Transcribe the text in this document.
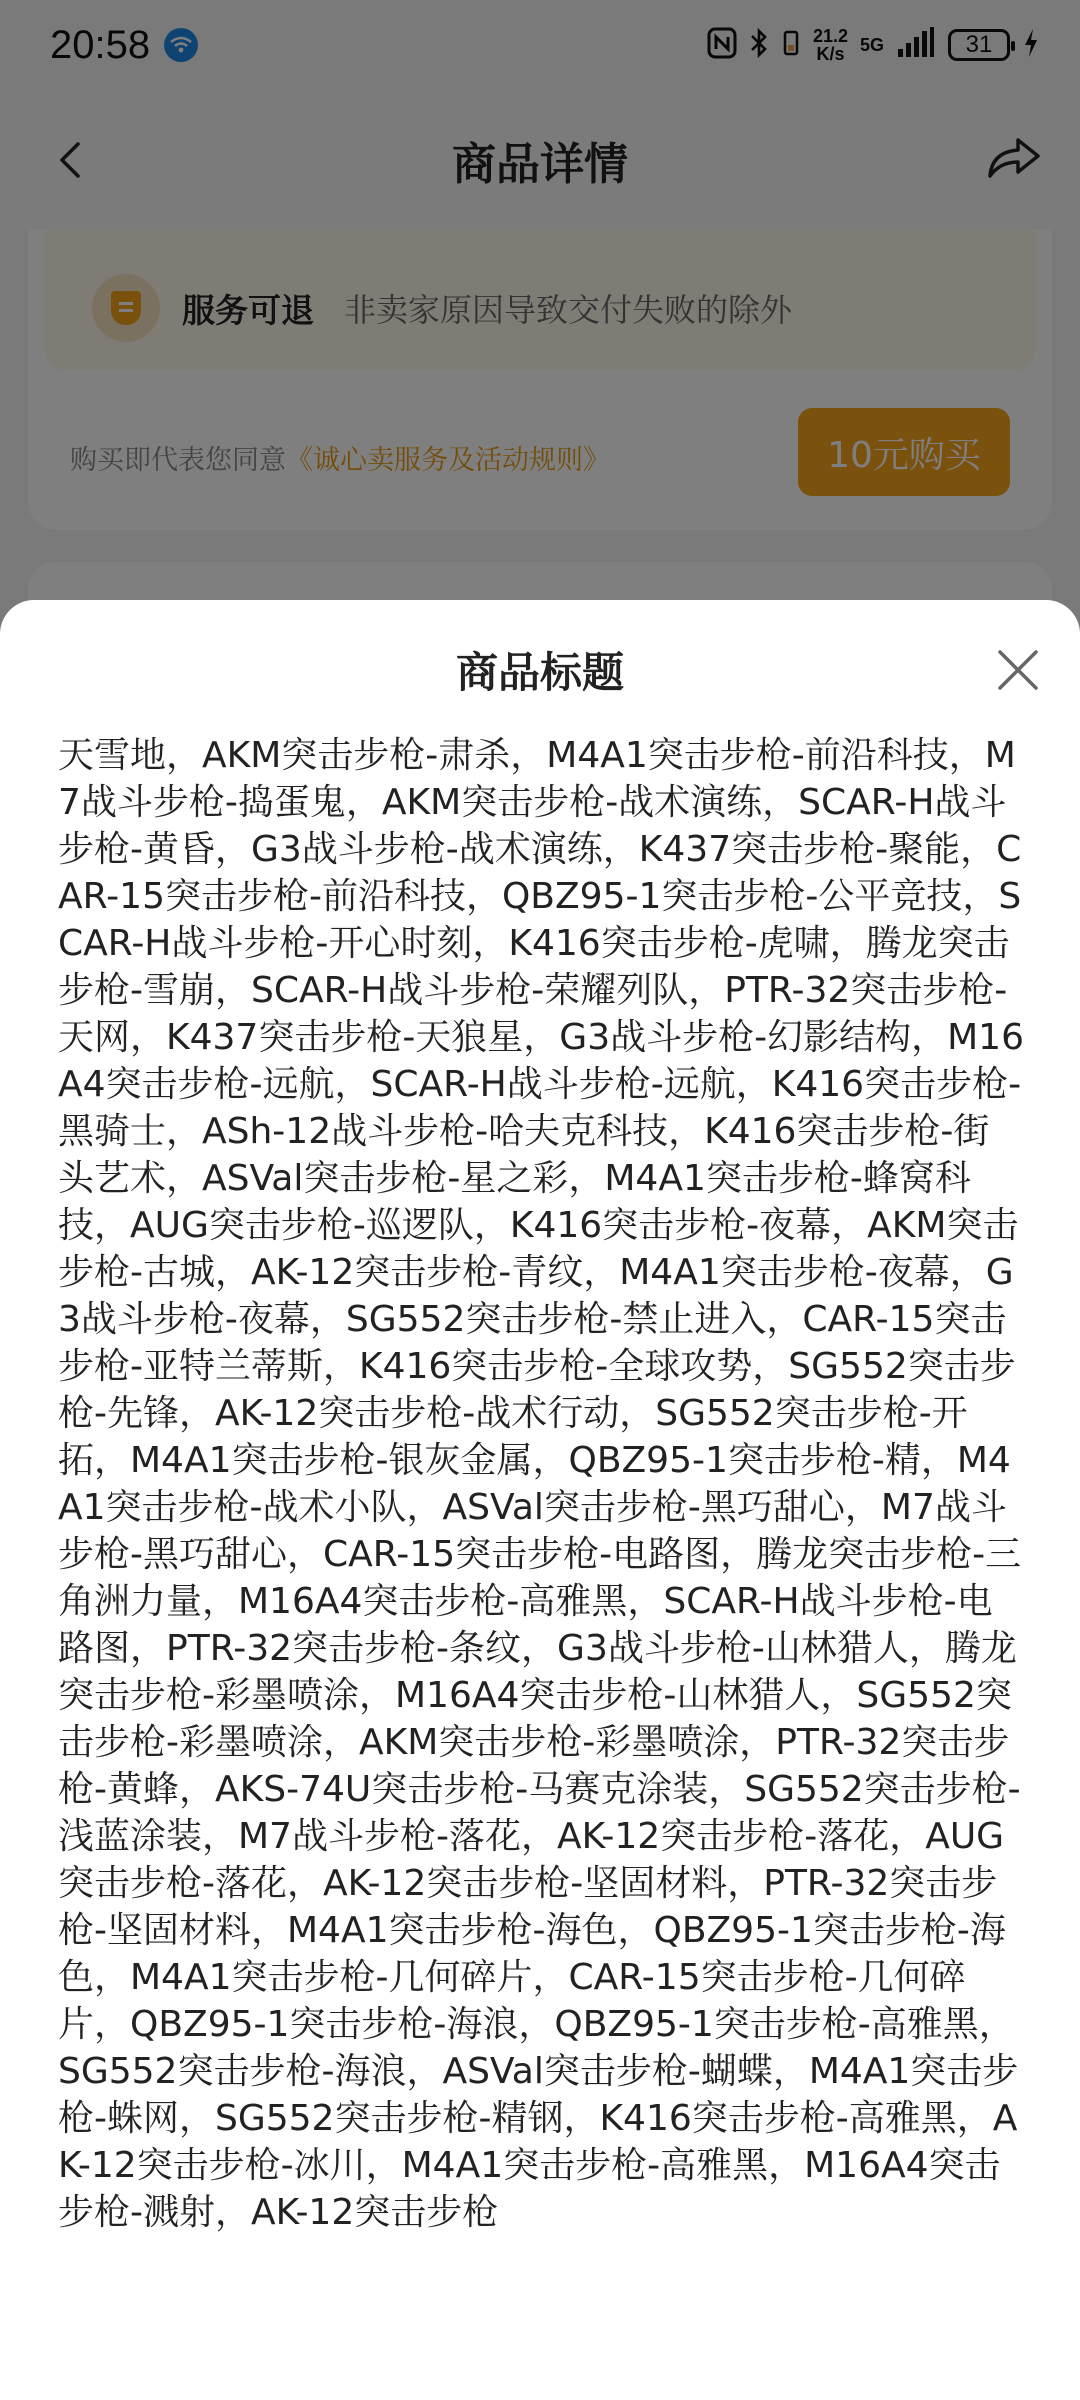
商品标题
天雪地，AKM突击步枪-肃杀，M4A1突击步枪-前沿科技，M7战斗步枪-捣蛋鬼，AKM突击步枪-战术演练，SCAR-H战斗步枪-黄昏，G3战斗步枪-战术演练，K437突击步枪-聚能，CAR-15突击步枪-前沿科技，QBZ95-1突击步枪-公平竞技，SCAR-H战斗步枪-开心时刻，K416突击步枪-虎啸，腾龙突击步枪-雪崩，SCAR-H战斗步枪-荣耀列队，PTR-32突击步枪-天网，K437突击步枪-天狼星，G3战斗步枪-幻影结构，M16A4突击步枪-远航，SCAR-H战斗步枪-远航，K416突击步枪-黑骑士，ASh-12战斗步枪-哈夫克科技，K416突击步枪-街头艺术，ASVal突击步枪-星之彩，M4A1突击步枪-蜂窝科技，AUG突击步枪-巡逻队，K416突击步枪-夜幕，AKM突击步枪-古城，AK-12突击步枪-青纹，M4A1突击步枪-夜幕，G3战斗步枪-夜幕，SG552突击步枪-禁止进入，CAR-15突击步枪-亚特兰蒂斯，K416突击步枪-全球攻势，SG552突击步枪-先锋，AK-12突击步枪-战术行动，SG552突击步枪-开拓，M4A1突击步枪-银灰金属，QBZ95-1突击步枪-精，M4A1突击步枪-战术小队，ASVal突击步枪-黑巧甜心，M7战斗步枪-黑巧甜心，CAR-15突击步枪-电路图，腾龙突击步枪-三角洲力量，M16A4突击步枪-高雅黑，SCAR-H战斗步枪-电路图，PTR-32突击步枪-条纹，G3战斗步枪-山林猎人，腾龙突击步枪-彩墨喷涂，M16A4突击步枪-山林猎人，SG552突击步枪-彩墨喷涂，AKM突击步枪-彩墨喷涂，PTR-32突击步枪-黄蜂，AKS-74U突击步枪-马赛克涂装，SG552突击步枪-浅蓝涂装，M7战斗步枪-落花，AK-12突击步枪-落花，AUG突击步枪-落花，AK-12突击步枪-坚固材料，PTR-32突击步枪-坚固材料，M4A1突击步枪-海色，QBZ95-1突击步枪-海色，M4A1突击步枪-几何碎片，CAR-15突击步枪-几何碎片，QBZ95-1突击步枪-海浪，QBZ95-1突击步枪-高雅黑，SG552突击步枪-海浪，ASVal突击步枪-蝴蝶，M4A1突击步枪-蛛网，SG552突击步枪-精钢，K416突击步枪-高雅黑，AK-12突击步枪-冰川，M4A1突击步枪-高雅黑，M16A4突击步枪-溅射，AK-12突击步枪
